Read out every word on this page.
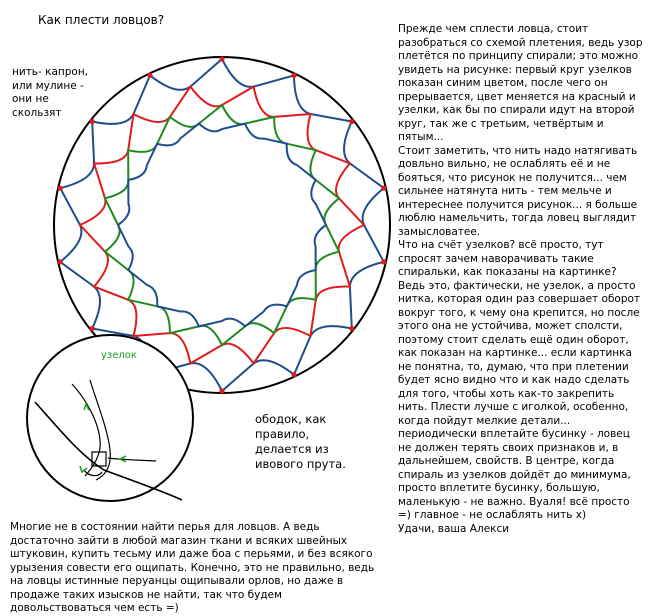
Как плести ловцов?
нить- капрон,
или мулине -
они не
скользят

Прежде чем сплести ловца, стоит разобраться со схемой плетения, ведь узор плетётся по принципу спирали; это можно увидеть на рисунке: первый круг узелков показан синим цветом, после чего он прерывается, цвет меняется на красный и узелки, как бы по спирали идут на второй круг, так же с третьим, четвёртым и пятым...

Стоит заметить, что нить надо натягивать довльно вильно, не ослаблять её и не бояться, что рисунок не получится... чем сильнее натянута нить - тем мельче и интереснее получится рисунок... я больше люблю намельчить, тогда ловец выглядит замысловатее.

Что на счёт узелков? всё просто, тут спросят зачем наворачивать такие спиральки, как показаны на картинке? Ведь это, фактически, не узелок, а просто нитка, которая один раз совершает оборот вокруг того, к чему она крепится, но после этого она не устойчива, может сполсти, поэтому стоит сделать ещё один оборот, как показан на картинке... если картинка не понятна, то, думаю, что при плетении будет ясно видно что и как надо сделать для того, чтобы хоть как-то закрепить нить. Плести лучше с иголкой, особенно, когда пойдут мелкие детали... периодически вплетайте бусинку - ловец не должен терять своих признаков и, в дальнейшем, свойств. В центре, когда спираль из узелков дойдёт до минимума, просто вплетите бусинку, большую, маленькую - не важно. Вуаля! всё просто =) главное - не ослаблять нить х)

Удачи, ваша Алекси

ободок, как правило, делается из ивового прута.
Многие не в состоянии найти перья для ловцов. А ведь достаточно зайти в любой магазин ткани и всяких швейных штуковин, купить тесьму или даже боа с перьями, и без всякого урызения совести его ощипать. Конечно, это не правильно, ведь на ловцы истинные перуанцы ощипывали орлов, но даже в продаже таких изысков не найти, так что будем довольствоваться чем есть =)
узелок
